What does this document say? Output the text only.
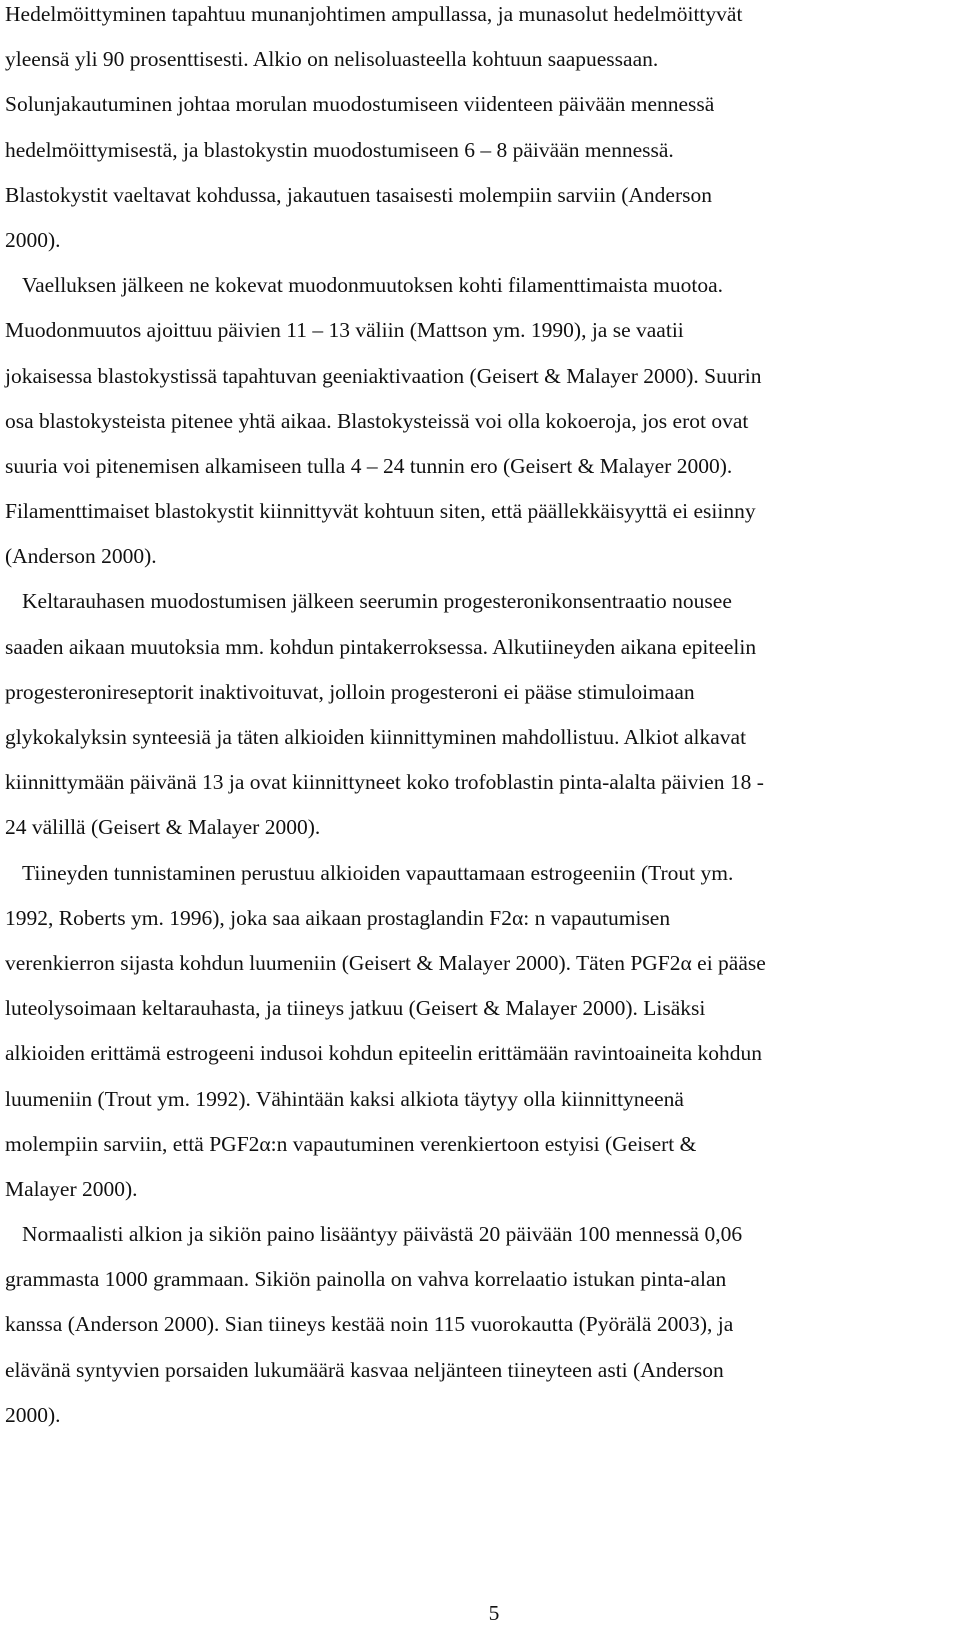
Hedelmöittyminen tapahtuu munanjohtimen ampullassa, ja munasolut hedelmöittyvät
yleensä yli 90 prosenttisesti. Alkio on nelisoluasteella kohtuun saapuessaan.
Solunjakautuminen johtaa morulan muodostumiseen viidenteen päivään mennessä
hedelmöittymisestä, ja blastokystin muodostumiseen 6 – 8 päivään mennessä.
Blastokystit vaeltavat kohdussa, jakautuen tasaisesti molempiin sarviin (Anderson
2000).
Vaelluksen jälkeen ne kokevat muodonmuutoksen kohti filamenttimaista muotoa.
Muodonmuutos ajoittuu päivien 11 – 13 väliin (Mattson ym. 1990), ja se vaatii
jokaisessa blastokystissä tapahtuvan geeniaktivaation (Geisert & Malayer 2000). Suurin
osa blastokysteista pitenee yhtä aikaa. Blastokysteissä voi olla kokoeroja, jos erot ovat
suuria voi pitenemisen alkamiseen tulla 4 – 24 tunnin ero (Geisert & Malayer 2000).
Filamenttimaiset blastokystit kiinnittyvät kohtuun siten, että päällekkäisyyttä ei esiinny
(Anderson 2000).
Keltarauhasen muodostumisen jälkeen seerumin progesteronikonsentraatio nousee
saaden aikaan muutoksia mm. kohdun pintakerroksessa. Alkutiineyden aikana epiteelin
progesteronireseptorit inaktivoituvat, jolloin progesteroni ei pääse stimuloimaan
glykokalyksin synteesiä ja täten alkioiden kiinnittyminen mahdollistuu. Alkiot alkavat
kiinnittymään päivänä 13 ja ovat kiinnittyneet koko trofoblastin pinta-alalta päivien 18 -
24 välillä (Geisert & Malayer 2000).
Tiineyden tunnistaminen perustuu alkioiden vapauttamaan estrogeeniin (Trout ym.
1992, Roberts ym. 1996), joka saa aikaan prostaglandin F2α: n vapautumisen
verenkierron sijasta kohdun luumeniin (Geisert & Malayer 2000). Täten PGF2α ei pääse
luteolysoimaan keltarauhasta, ja tiineys jatkuu (Geisert & Malayer 2000). Lisäksi
alkioiden erittämä estrogeeni indusoi kohdun epiteelin erittämään ravintoaineita kohdun
luumeniin (Trout ym. 1992). Vähintään kaksi alkiota täytyy olla kiinnittyneenä
molempiin sarviin, että PGF2α:n vapautuminen verenkiertoon estyisi (Geisert &
Malayer 2000).
Normaalisti alkion ja sikiön paino lisääntyy päivästä 20 päivään 100 mennessä 0,06
grammasta 1000 grammaan. Sikiön painolla on vahva korrelaatio istukan pinta-alan
kanssa (Anderson 2000). Sian tiineys kestää noin 115 vuorokautta (Pyörälä 2003), ja
elävänä syntyvien porsaiden lukumäärä kasvaa neljänteen tiineyteen asti (Anderson
2000).
5
